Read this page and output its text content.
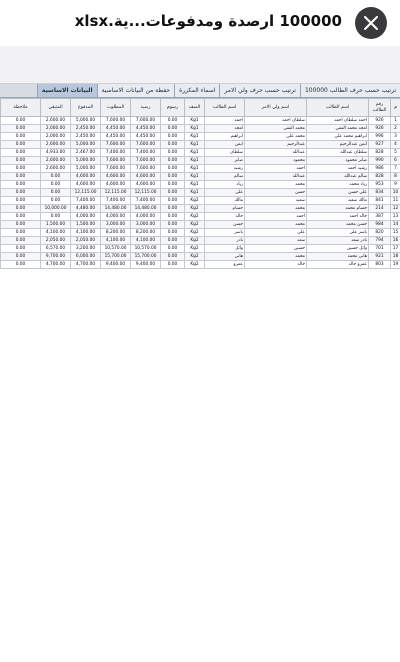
100000 ارصدة ومدفوعات...ية.xlsx
ترتيب حسب حرف الطالب 100000
ترتيب حسب حرف ولي الامر
اسماء المكررة
حفظة من البيانات الاساسية
البيانات الاساسية
م	رقم الطالب	اسم الطالب	اسم ولي الامر	اسم الطالب	الصف	رسوم	رصيد	المطلوب	المدفوع	المتبقي	ملاحظة
1	926	احمد سلطان احمد	سلطان احمد	احمد	Kg1	0.00	7,600.00	7,600.00	5,000.00	2,600.00	0.00
2	926	امجد محمد الفقي	محمد الفقي	امجد	Kg1	0.00	4,450.00	4,450.00	2,450.00	2,000.00	0.00
3	996	ابراهيم محمد علي	محمد علي	ابراهيم	Kg1	0.00	4,450.00	4,450.00	2,450.00	2,000.00	0.00
4	927	ايمن عبدالرحيم	عبدالرحيم	ايمن	Kg1	0.00	7,600.00	7,600.00	5,000.00	2,600.00	0.00
5	828	سلطان عبدالله	عبدالله	سلطان	Kg1	0.00	7,400.00	7,400.00	2,467.00	4,933.00	0.00
6	990	صابر محمود	محمود	صابر	Kg1	0.00	7,600.00	7,600.00	5,000.00	2,600.00	0.00
7	986	رشيد احمد	احمد	رشيد	Kg1	0.00	7,600.00	7,600.00	5,000.00	2,600.00	0.00
8	828	سالم عبدالله	عبدالله	سالم	Kg1	0.00	4,600.00	4,600.00	4,600.00	0.00	0.00
9	953	زياد محمد	محمد	زياد	Kg1	0.00	4,600.00	4,600.00	4,600.00	0.00	0.00
10	834	علي حسن	حسن	علي	Kg1	0.00	12,115.00	12,115.00	12,115.00	0.00	0.00
11	841	مالك سعيد	سعيد	مالك	Kg2	0.00	7,400.00	7,400.00	7,400.00	0.00	0.00
12	214	حسام محمد	محمد	حسام	Kg2	0.00	14,480.00	14,480.00	4,480.00	10,000.00	0.00
13	387	خالد احمد	احمد	خالد	Kg2	0.00	4,000.00	4,000.00	4,000.00	0.00	0.00
14	984	حسن محمد	محمد	حسن	Kg2	0.00	3,000.00	3,000.00	1,500.00	1,500.00	0.00
15	820	ياسر علي	علي	ياسر	Kg2	0.00	8,200.00	8,200.00	4,100.00	4,100.00	0.00
16	794	نادر سعد	سعد	نادر	Kg2	0.00	4,100.00	4,100.00	2,050.00	2,050.00	0.00
17	701	وائل حسين	حسين	وائل	Kg2	0.00	10,570.00	10,570.00	3,200.00	6,570.00	0.00
18	921	هاني محمد	محمد	هاني	Kg2	0.00	15,700.00	15,700.00	6,000.00	9,700.00	0.00
19	803	عمرو خالد	خالد	عمرو	Kg2	0.00	9,400.00	9,400.00	4,700.00	4,700.00	0.00
